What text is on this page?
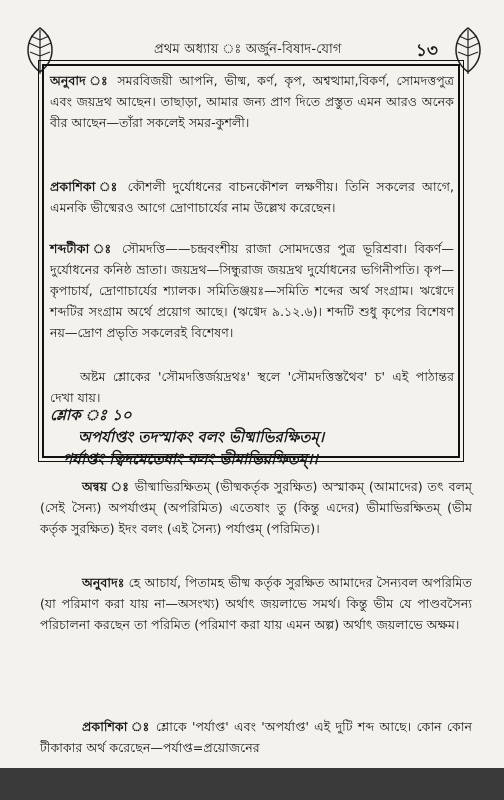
প্রথম অধ্যায় ঃ অর্জুন-বিষাদ-যোগ	১৩

অনুবাদ ঃ সমরবিজয়ী আপনি, ভীষ্ম, কর্ণ, কৃপ, অশ্বত্থামা,বিকর্ণ, সোমদত্তপুত্র এবং জয়দ্রথ আছেন। তাছাড়া, আমার জন্য প্রাণ দিতে প্রস্তুত এমন আরও অনেক বীর আছেন—তাঁরা সকলেই সমর-কুশলী।

প্রকাশিকা ঃ কৌশলী দুর্যোধনের বাচনকৌশল লক্ষণীয়। তিনি সকলের আগে, এমনকি ভীষ্মেরও আগে দ্রোণাচার্যের নাম উল্লেখ করেছেন।

শব্দটীকা ঃ সৌমদত্তি——চন্দ্রবংশীয় রাজা সোমদত্তের পুত্র ভূরিশ্রবা। বিকর্ণ—দুর্যোধনের কনিষ্ঠ ভ্রাতা। জয়দ্রথ—সিন্ধুরাজ জয়দ্রথ দুর্যোধনের ভগিনীপতি। কৃপ—কৃপাচার্য, দ্রোণাচার্যের শ্যালক। সমিতিঞ্জয়ঃ—সমিতি শব্দের অর্থ সংগ্রাম। ঋগ্বেদে শব্দটির সংগ্রাম অর্থে প্রয়োগ আছে। (ঋগ্বেদ ৯.১২.৬)। শব্দটি শুধু কৃপের বিশেষণ নয়—দ্রোণ প্রভৃতি সকলেরই বিশেষণ।

অষ্টম শ্লোকের 'সৌমদত্তির্জয়দ্রথঃ' স্থলে 'সৌমদত্তিস্তথৈব' চ' এই পাঠান্তর দেখা যায়।

শ্লোক ঃ ১০
অপর্যাপ্তং তদস্মাকং বলং ভীষ্মাভিরক্ষিতম্।
পর্যাপ্তং ত্বিদমেতেষাং বলং ভীমাভিরক্ষিতম্।।

অন্বয় ঃ ভীষ্মাভিরক্ষিতম্ (ভীষ্মকর্তৃক সুরক্ষিত) অস্মাকম্ (আমাদের) তৎ বলম্ (সেই সৈন্য) অপর্যাপ্তম্ (অপরিমিত) এতেষাং তু (কিন্তু এদের) ভীমাভিরক্ষিতম্ (ভীম কর্তৃক সুরক্ষিত) ইদং বলং (এই সৈন্য) পর্যাপ্তম্ (পরিমিত)।

অনুবাদঃ হে আচার্য, পিতামহ ভীষ্ম কর্তৃক সুরক্ষিত আমাদের সৈন্যবল অপরিমিত (যা পরিমাণ করা যায় না—অসংখ্য) অর্থাৎ জয়লাভে সমর্থ। কিন্তু ভীম যে পাণ্ডবসৈন্য পরিচালনা করছেন তা পরিমিত (পরিমাণ করা যায় এমন অল্প) অর্থাৎ জয়লাভে অক্ষম।

প্রকাশিকা ঃ শ্লোকে 'পর্যাপ্ত' এবং 'অপর্যাপ্ত' এই দুটি শব্দ আছে। কোন কোন টীকাকার অর্থ করেছেন—পর্যাপ্ত=প্রয়োজনের
